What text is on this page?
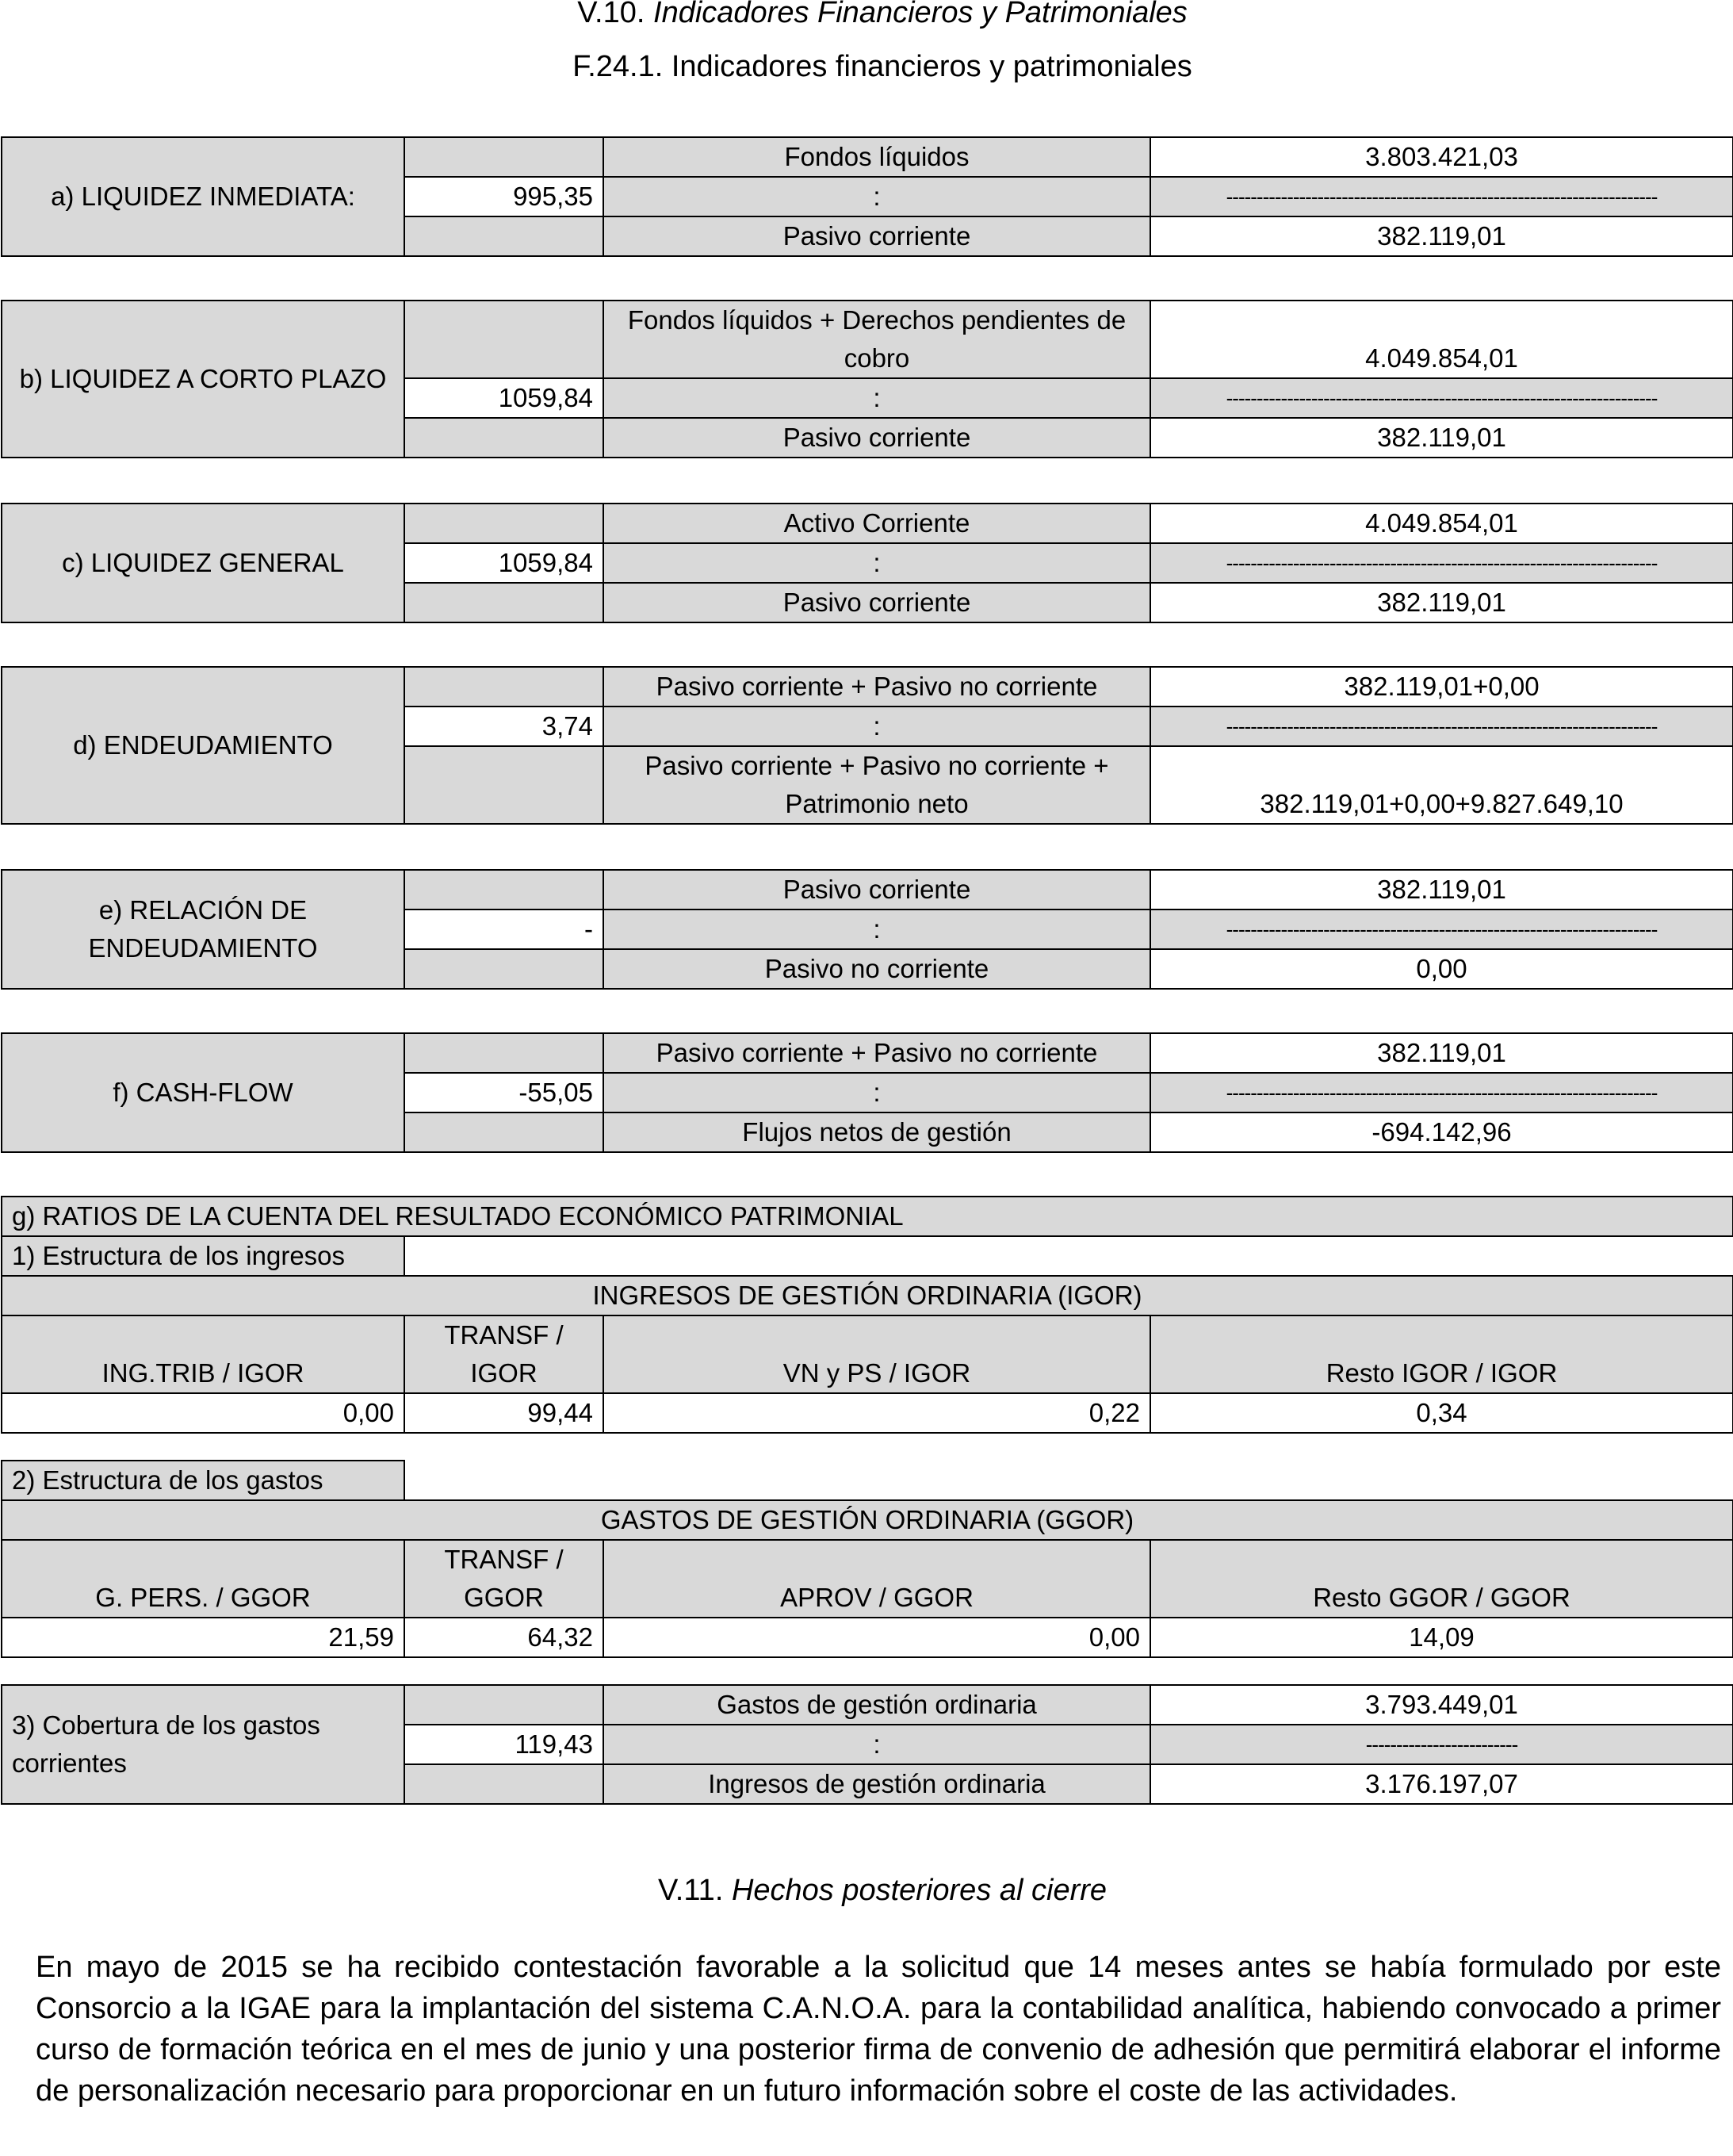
V.10. Indicadores Financieros y Patrimoniales
F.24.1. Indicadores financieros y patrimoniales
a) LIQUIDEZ INMEDIATA:		Fondos líquidos	3.803.421,03
	995,35	:	-----------------------------------------------------------------------
		Pasivo corriente	382.119,01
b) LIQUIDEZ A CORTO PLAZO		Fondos líquidos + Derechos pendientes de cobro	4.049.854,01
	1059,84	:	-----------------------------------------------------------------------
		Pasivo corriente	382.119,01
c) LIQUIDEZ GENERAL		Activo Corriente	4.049.854,01
	1059,84	:	-----------------------------------------------------------------------
		Pasivo corriente	382.119,01
d) ENDEUDAMIENTO		Pasivo corriente + Pasivo no corriente	382.119,01+0,00
	3,74	:	-----------------------------------------------------------------------
		Pasivo corriente + Pasivo no corriente + Patrimonio neto	382.119,01+0,00+9.827.649,10
e) RELACIÓN DE ENDEUDAMIENTO		Pasivo corriente	382.119,01
	-	:	-----------------------------------------------------------------------
		Pasivo no corriente	0,00
f) CASH-FLOW		Pasivo corriente + Pasivo no corriente	382.119,01
	-55,05	:	-----------------------------------------------------------------------
		Flujos netos de gestión	-694.142,96
g) RATIOS DE LA CUENTA DEL RESULTADO ECONÓMICO PATRIMONIAL			
1) Estructura de los ingresos			
INGRESOS DE GESTIÓN ORDINARIA (IGOR)			
ING.TRIB / IGOR	TRANSF / IGOR	VN y PS / IGOR	Resto IGOR / IGOR
0,00	99,44	0,22	0,34
2) Estructura de los gastos			
GASTOS DE GESTIÓN ORDINARIA (GGOR)			
G. PERS. / GGOR	TRANSF / GGOR	APROV / GGOR	Resto GGOR / GGOR
21,59	64,32	0,00	14,09
3) Cobertura de los gastos corrientes		Gastos de gestión ordinaria	3.793.449,01
	119,43	:	-------------------------
		Ingresos de gestión ordinaria	3.176.197,07
V.11. Hechos posteriores al cierre
En mayo de 2015 se ha recibido contestación favorable a la solicitud que 14 meses antes se había formulado por este Consorcio a la IGAE para la implantación del sistema C.A.N.O.A. para la contabilidad analítica, habiendo convocado a primer curso de formación teórica en el mes de junio y una posterior firma de convenio de adhesión que permitirá elaborar el informe de personalización necesario para proporcionar en un futuro información sobre el coste de las actividades.
